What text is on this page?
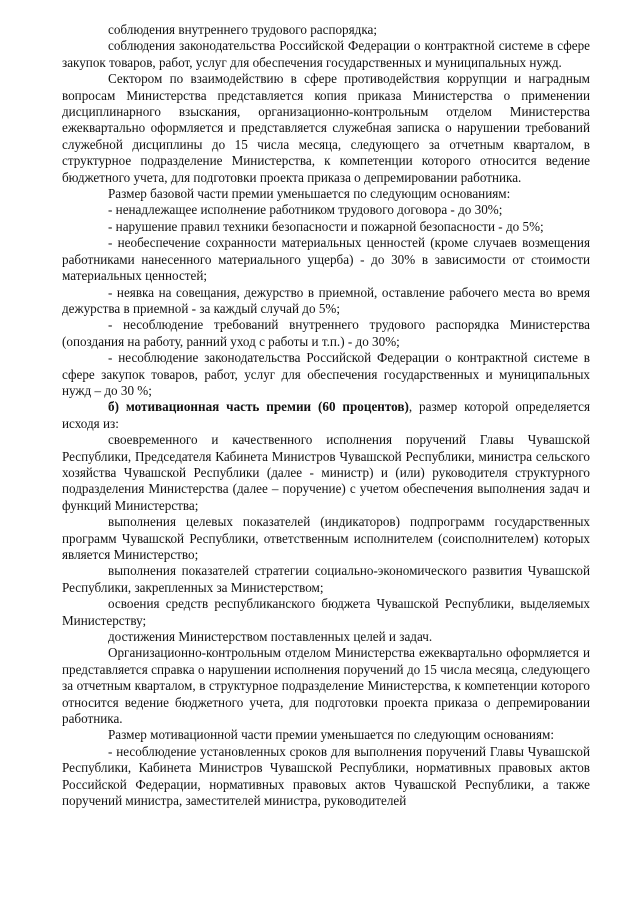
соблюдения внутреннего трудового распорядка;

соблюдения законодательства Российской Федерации о контрактной системе в сфере закупок товаров, работ, услуг для обеспечения государственных и муниципальных нужд.

Сектором по взаимодействию в сфере противодействия коррупции и наградным вопросам Министерства представляется копия приказа Министерства о применении дисциплинарного взыскания, организационно-контрольным отделом Министерства ежеквартально оформляется и представляется служебная записка о нарушении требований служебной дисциплины до 15 числа месяца, следующего за отчетным кварталом, в структурное подразделение Министерства, к компетенции которого относится ведение бюджетного учета, для подготовки проекта приказа о депремировании работника.

Размер базовой части премии уменьшается по следующим основаниям:

- ненадлежащее исполнение работником трудового договора - до 30%;

- нарушение правил техники безопасности и пожарной безопасности - до 5%;

- необеспечение сохранности материальных ценностей (кроме случаев возмещения работниками нанесенного материального ущерба) - до 30% в зависимости от стоимости материальных ценностей;

- неявка на совещания, дежурство в приемной, оставление рабочего места во время дежурства в приемной - за каждый случай до 5%;

- несоблюдение требований внутреннего трудового распорядка Министерства (опоздания на работу, ранний уход с работы и т.п.) - до 30%;

- несоблюдение законодательства Российской Федерации о контрактной системе в сфере закупок товаров, работ, услуг для обеспечения государственных и муниципальных нужд – до 30 %;

б) мотивационная часть премии (60 процентов), размер которой определяется исходя из:

своевременного и качественного исполнения поручений Главы Чувашской Республики, Председателя Кабинета Министров Чувашской Республики, министра сельского хозяйства Чувашской Республики (далее - министр) и (или) руководителя структурного подразделения Министерства (далее – поручение) с учетом обеспечения выполнения задач и функций Министерства;

выполнения целевых показателей (индикаторов) подпрограмм государственных программ Чувашской Республики, ответственным исполнителем (соисполнителем) которых является Министерство;

выполнения показателей стратегии социально-экономического развития Чувашской Республики, закрепленных за Министерством;

освоения средств республиканского бюджета Чувашской Республики, выделяемых Министерству;

достижения Министерством поставленных целей и задач.

Организационно-контрольным отделом Министерства ежеквартально оформляется и представляется справка о нарушении исполнения поручений до 15 числа месяца, следующего за отчетным кварталом, в структурное подразделение Министерства, к компетенции которого относится ведение бюджетного учета, для подготовки проекта приказа о депремировании работника.

Размер мотивационной части премии уменьшается по следующим основаниям:

- несоблюдение установленных сроков для выполнения поручений Главы Чувашской Республики, Кабинета Министров Чувашской Республики, нормативных правовых актов Российской Федерации, нормативных правовых актов Чувашской Республики, а также поручений министра, заместителей министра, руководителей
